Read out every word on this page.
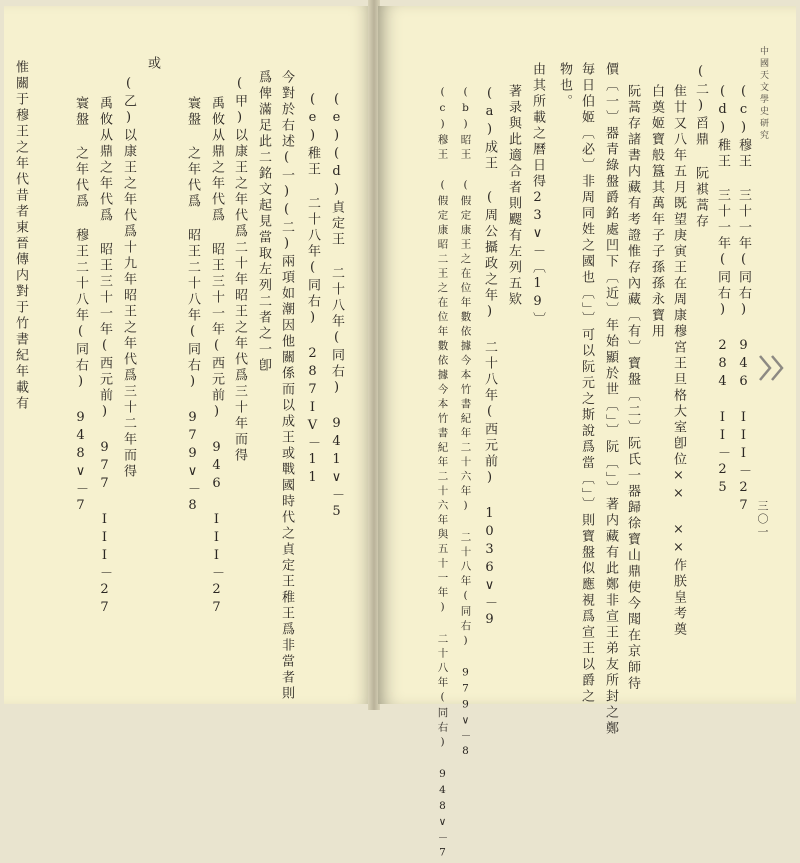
中國天文學史研究
三〇一
(c)穆王 三十一年(同右) 946 III－27
(d)稚王 三十一年(同右) 284 II－25
(二)舀鼎 阮褀蒿存
隹廿又八年五月既望庚寅王在周康穆宮王旦格大室卽位×× ××作朕皇考奠
白奠姬寶般簋其萬年子子孫孫永寶用
阮蒿存諸書内藏有考證惟存內藏〔有〕寶盤〔二〕阮氏一器歸徐寶山鼎使今聞在京師待
價〔一〕器青綠盤爵銘處凹下〔近〕年始顯於世〔」〕阮〔」〕著内藏有此鄭非宣王弟友所封之鄭
毎日伯姬〔必〕非周同姓之國也〔」〕可以阮元之斯說爲當〔」〕則寶盤似應視爲宣王以爵之
物也。
由其所載之曆日得23∨－〔19〕
著录與此適合者則颸有左列五欵
(a)成王 (周公攝政之年) 二十八年(西元前) 1036∨－9
(b)昭王 (假定康王之在位年數依據今本竹書紀年二十六年) 二十八年(同右) 979∨－8
(c)穆王 (假定康昭二王之在位年數依據今本竹書紀年二十六年與五十一年) 二十八年(同右) 948∨－7
(e)(d)貞定王 二十八年(同右) 941∨－5
(e)稚王 二十八年(同右) 287IV－11
今對於右述(一)(二)兩項如潮因他關係而以成王或戰國時代之貞定王稚王爲非當者則
爲俾滿足此二銘文起見當取左列二者之一卽
(甲)以康王之年代爲二十年昭王之年代爲三十年而得
禹攸从鼎之年代爲 昭王三十一年(西元前) 946 III－27
寰盤 之年代爲 昭王二十八年(同右) 979∨－8
或
(乙)以康王之年代爲十九年昭王之年代爲三十二年而得
禹攸从鼎之年代爲 昭王三十一年(西元前) 977 III－27
寰盤 之年代爲 穆王二十八年(同右) 948∨－7
惟關于穆王之年代昔者東晉傳内對于竹書紀年載有
